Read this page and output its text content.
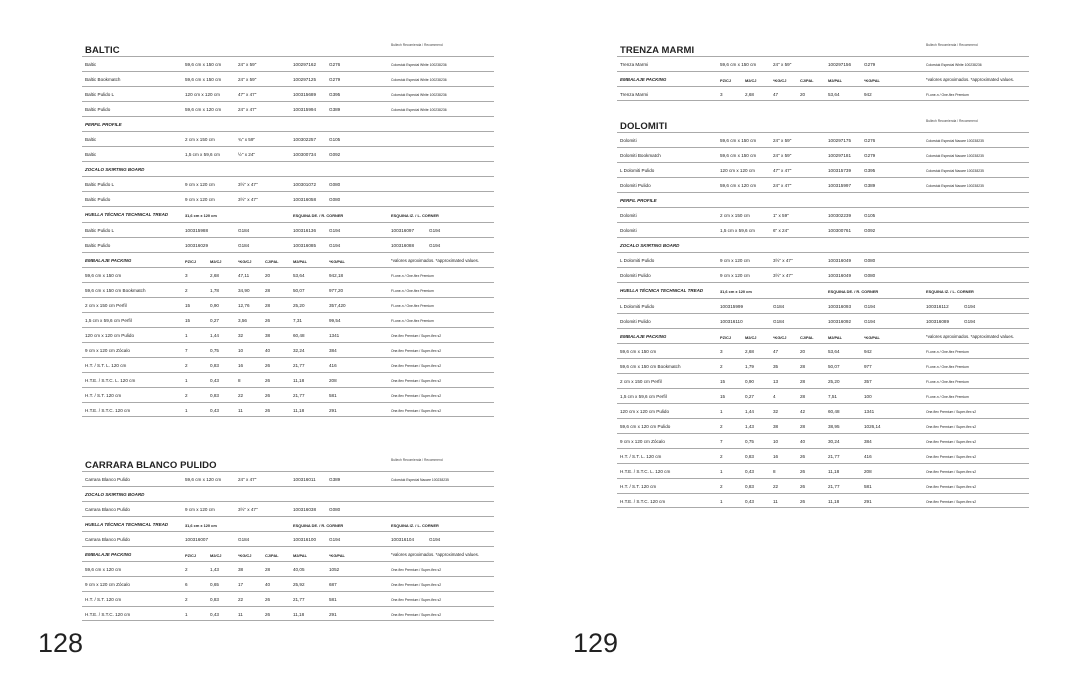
BALTIC	Bullech Recomienda / Recommend
Baltic	59,6 cm x 150 cm	24" x 59"	100297162	G276	Colorstuk Especial White 100238236
Baltic Bookmatch	59,6 cm x 150 cm	24" x 59"	100297125	G279	Colorstuk Especial White 100238236
Baltic Pulido L	120 cm x 120 cm	47" x 47"	100315689	G395	Colorstuk Especial White 100238236
Baltic Pulido	59,6 cm x 120 cm	24" x 47"	100315994	G389	Colorstuk Especial White 100238236
PERFIL PROFILE
Baltic	2 cm x 150 cm	¾" x 59"	100302257	G105
Baltic	1,5 cm x 59,6 cm	½" x 24"	100300734	G092
ZOCALO SKIRTING BOARD
Baltic Pulido L	9 cm x 120 cm	3½" x 47"	100301072	G080
Baltic Pulido	9 cm x 120 cm	3½" x 47"	100316058	G080
HUELLA TÉCNICA TECHNICAL TREAD	31,6 cm x 120 cm	ESQUINA DE. / R. CORNER	ESQUINA IZ. / L. CORNER
Baltic Pulido L	100315988	G184	100316136	G194	100316097	G194
Baltic Pulido	100316029	G184	100316085	G194	100316088	G194
EMBALAJE PACKING	PZ/CJ	M2/CJ	*KG/CJ	CJ/PAL	M2/PAL	*KG/PAL	*valores aproximados. *approximated values.
59,6 cm x 150 cm	3	2,68	47,11	20	53,64	942,18	Fi-one-n / One-flex Premium
59,6 cm x 150 cm Bookmatch	2	1,78	34,90	28	50,07	977,20	Fi-one-n / One-flex Premium
2 cm x 150 cm Perfil	15	0,90	12,76	28	25,20	357,420	Fi-one-n / One-flex Premium
1,5 cm x 59,6 cm Perfil	15	0,27	3,56	26	7,31	99,54	Fi-one-n / One-flex Premium
120 cm x 120 cm Pulido	1	1,44	32	38	60,48	1341	One-flex Premium / Super-flex s2
9 cm x 120 cm Zócalo	7	0,75	10	40	32,24	384	One-flex Premium / Super-flex s2
H.T. / S.T. L. 120 cm	2	0,83	16	26	21,77	416	One-flex Premium / Super-flex s2
H.T.E. / S.T.C. L. 120 cm	1	0,43	8	26	11,18	208	One-flex Premium / Super-flex s2
H.T. / S.T. 120 cm	2	0,83	22	26	21,77	581	One-flex Premium / Super-flex s2
H.T.E. / S.T.C. 120 cm	1	0,43	11	26	11,18	291	One-flex Premium / Super-flex s2
CARRARA BLANCO PULIDO	Bullech Recomienda / Recommend
Carrara Blanco Pulido	59,6 cm x 120 cm	24" x 47"	100316011	G389	Colorstuk Especial Nacare 100238235
ZOCALO SKIRTING BOARD
Carrara Blanco Pulido	9 cm x 120 cm	3½" x 47"	100316038	G080
HUELLA TÉCNICA TECHNICAL TREAD	31,6 cm x 120 cm	ESQUINA DE. / R. CORNER	ESQUINA IZ. / L. CORNER
Carrara Blanco Pulido	100316007	G184	100316100	G194	100316104	G194
EMBALAJE PACKING	PZ/CJ	M2/CJ	*KG/CJ	CJ/PAL	M2/PAL	*KG/PAL	*valores aproximados. *approximated values.
59,6 cm x 120 cm	2	1,43	38	28	40,05	1052	One-flex Premium / Super-flex s2
9 cm x 120 cm Zócalo	6	0,65	17	40	25,92	687	One-flex Premium / Super-flex s2
H.T. / S.T. 120 cm	2	0,83	22	26	21,77	581	One-flex Premium / Super-flex s2
H.T.E. / S.T.C. 120 cm	1	0,43	11	26	11,18	291	One-flex Premium / Super-flex s2
TRENZA MARMI	Bullech Recomienda / Recommend
Trenza Marmi	59,6 cm x 150 cm	24" x 59"	100297156	G279	Colorstuk Especial White 100238236
EMBALAJE PACKING	PZ/CJ	M2/CJ	*KG/CJ	CJ/PAL	M2/PAL	*KG/PAL	*valores aproximados. *approximated values.
Trenza Marmi	3	2,68	47	20	53,64	942	Fi-one-n / One-flex Premium
DOLOMITI	Bullech Recomienda / Recommend
Dolomiti	59,6 cm x 150 cm	24" x 59"	100297175	G276	Colorstuk Especial Nacare 100238235
Dolomiti Bookmatch	59,6 cm x 150 cm	24" x 59"	100297181	G279	Colorstuk Especial Nacare 100238235
L Dolomiti Pulido	120 cm x 120 cm	47" x 47"	100315739	G395	Colorstuk Especial Nacare 100238235
Dolomiti Pulido	59,6 cm x 120 cm	24" x 47"	100315997	G389	Colorstuk Especial Nacare 100238235
PERFIL PROFILE
Dolomiti	2 cm x 150 cm	1" x 59"	100302239	G105
Dolomiti	1,5 cm x 59,6 cm	6" x 24"	100300761	G092
ZOCALO SKIRTING BOARD
L Dolomiti Pulido	9 cm x 120 cm	3½" x 47"	100316049	G080
Dolomiti Pulido	9 cm x 120 cm	3½" x 47"	100316049	G080
HUELLA TÉCNICA TECHNICAL TREAD	31,6 cm x 120 cm	ESQUINA DE. / R. CORNER	ESQUINA IZ. / L. CORNER
L Dolomiti Pulido	100315999	G184	100316093	G194	100316112	G194
Dolomiti Pulido	100316110	G184	100316092	G194	100316089	G194
EMBALAJE PACKING	PZ/CJ	M2/CJ	*KG/CJ	CJ/PAL	M2/PAL	*KG/PAL	*valores aproximados. *approximated values.
59,6 cm x 150 cm	3	2,68	47	20	53,64	942	Fi-one-n / One-flex Premium
59,6 cm x 150 cm Bookmatch	2	1,79	35	28	50,07	977	Fi-one-n / One-flex Premium
2 cm x 150 cm Perfil	15	0,90	13	28	25,20	357	Fi-one-n / One-flex Premium
1,5 cm x 59,6 cm Perfil	15	0,27	4	28	7,51	100	Fi-one-n / One-flex Premium
120 cm x 120 cm Pulido	1	1,44	32	42	60,48	1341	One-flex Premium / Super-flex s2
59,6 cm x 120 cm Pulido	2	1,43	38	28	38,95	1026,14	One-flex Premium / Super-flex s2
9 cm x 120 cm Zócalo	7	0,75	10	40	30,24	384	One-flex Premium / Super-flex s2
H.T. / S.T. L. 120 cm	2	0,83	16	26	21,77	416	One-flex Premium / Super-flex s2
H.T.E. / S.T.C. L. 120 cm	1	0,43	8	26	11,18	208	One-flex Premium / Super-flex s2
H.T. / S.T. 120 cm	2	0,83	22	26	21,77	581	One-flex Premium / Super-flex s2
H.T.E. / S.T.C. 120 cm	1	0,43	11	26	11,18	291	One-flex Premium / Super-flex s2
128	129
